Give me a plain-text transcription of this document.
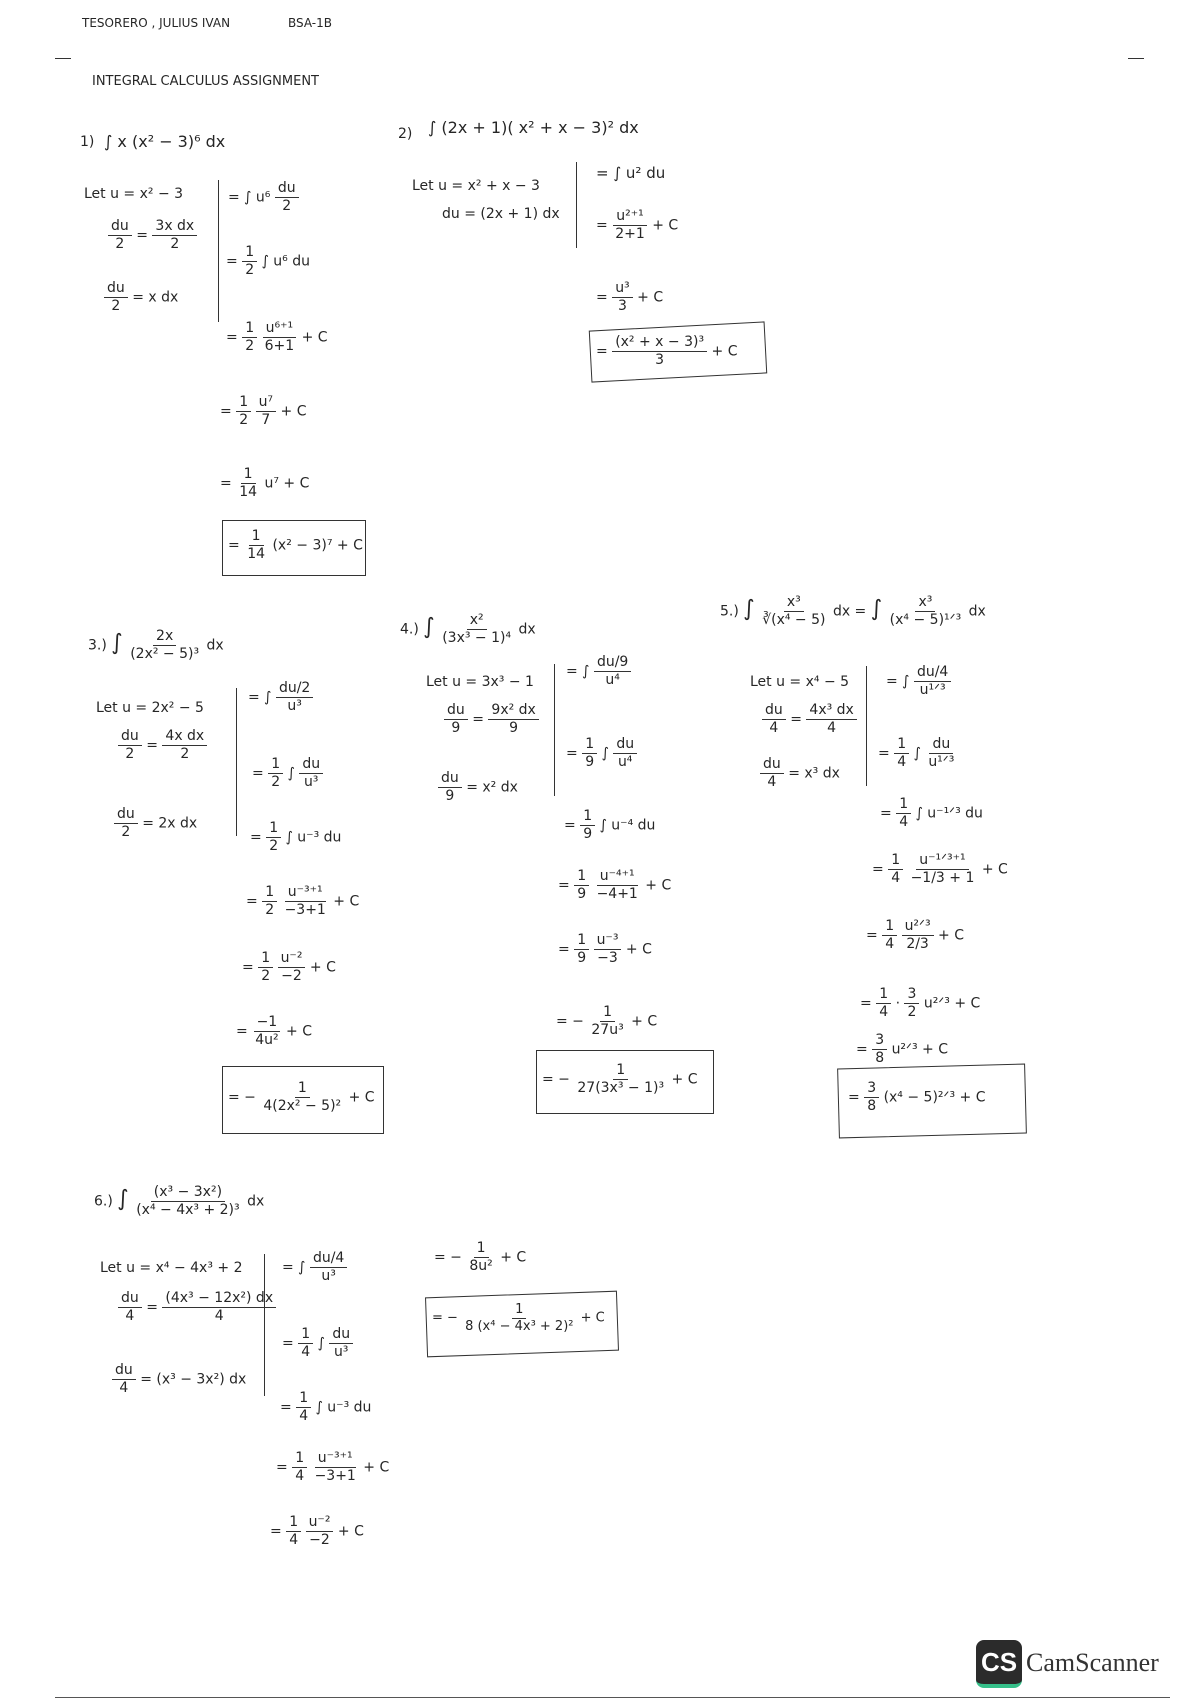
TESORERO , JULIUS IVAN	BSA-1B
INTEGRAL CALCULUS ASSIGNMENT
1) ∫ x (x² − 3)⁶ dx
Let u = x² − 3
$\frac{du}{2} = \frac{\text{3x dx}}{2}$
$\frac{du}{2} = x$ dx
= ∫ $u^6 \frac{du}{2}$
= $\frac{1}{2}$ ∫ u⁶ du
= $\frac{1}{2}$
$\frac{\text{u⁶⁺¹}}{6+1} + C$
= $\frac{1}{2}$
$\frac{\text{u⁷}}{7} + C$
= $\frac{1}{14} u^7 + C$
= $\frac{1}{14} (x^2 - 3)^7 + C$
2) ∫ (2x + 1)( x² + x − 3)² dx
Let u = x² + x − 3
du = (2x + 1) dx
= ∫ u² du
= $\frac{\text{u²⁺¹}}{2+1} + C$
= $\frac{\text{u³}}{3} + C$
= $\frac{\text{(x² + x − 3)³}}{3} + C$
3.) ∫ $\frac{2x}{\text{(2x² − 5)³}}$ dx
Let u = 2x² − 5
$\frac{du}{2} = \frac{\text{4x dx}}{2}$
$\frac{du}{2} = 2x$ dx
= ∫ $\frac{du/2}{\text{u³}}$
= $\frac{1}{2}$ ∫ $\frac{du}{\text{u³}}$
= $\frac{1}{2}$ ∫ u⁻³ du
= $\frac{1}{2}$
$\frac{\text{u⁻³⁺¹}}{-3+1} + C$
= $\frac{1}{2}$
$\frac{\text{u⁻²}}{-2} + C$
= $\frac{-1}{\text{4u²}} + C$
= − $\frac{1}{\text{4(2x² − 5)²}} + C$
4.) ∫ $\frac{\text{x²}}{\text{(3x³ − 1)⁴}}$ dx
Let u = 3x³ − 1
$\frac{du}{9} = \frac{\text{9x² dx}}{9}$
$\frac{du}{9} = x^2$ dx
= ∫ $\frac{du/9}{\text{u⁴}}$
= $\frac{1}{9}$ ∫ $\frac{du}{\text{u⁴}}$
= $\frac{1}{9}$ ∫ u⁻⁴ du
= $\frac{1}{9}$
$\frac{\text{u⁻⁴⁺¹}}{-4+1} + C$
= $\frac{1}{9}$
$\frac{\text{u⁻³}}{-3} + C$
= − $\frac{1}{\text{27u³}} + C$
= − $\frac{1}{\text{27(3x³ − 1)³}} + C$
5.) ∫ $\frac{\text{x³}}{\text{∛(x⁴ − 5)}}$ dx = ∫ $\frac{\text{x³}}{\text{(x⁴ − 5)¹ᐟ³}}$ dx
Let u = x⁴ − 5
$\frac{du}{4} = \frac{\text{4x³ dx}}{4}$
$\frac{du}{4} = x^3$ dx
= ∫ $\frac{du/4}{\text{u¹ᐟ³}}$
= $\frac{1}{4}$ ∫ $\frac{du}{\text{u¹ᐟ³}}$
= $\frac{1}{4}$ ∫ u⁻¹ᐟ³ du
= $\frac{1}{4}$
$\frac{\text{u⁻¹ᐟ³⁺¹}}{-1/3 + 1} + C$
= $\frac{1}{4}$
$\frac{\text{u²ᐟ³}}{2/3} + C$
= $\frac{1}{4} \cdot \frac{3}{2}$ u²ᐟ³ + C
= $\frac{3}{8}$ u²ᐟ³ + C
= $\frac{3}{8} (x^4$ − 5)²ᐟ³ + C
6.) ∫ $\frac{\text{(x³ − 3x²)}}{\text{(x⁴ − 4x³ + 2)³}}$ dx
Let u = x⁴ − 4x³ + 2
$\frac{du}{4} = \frac{\text{(4x³ − 12x²) dx}}{4}$
$\frac{du}{4} = (x^3 - 3x^2)$ dx
= ∫ $\frac{du/4}{\text{u³}}$
= $\frac{1}{4}$ ∫ $\frac{du}{\text{u³}}$
= $\frac{1}{4}$ ∫ u⁻³ du
= $\frac{1}{4}$
$\frac{\text{u⁻³⁺¹}}{-3+1} + C$
= $\frac{1}{4}$
$\frac{\text{u⁻²}}{-2} + C$
= − $\frac{1}{\text{8u²}} + C$
= − $\frac{1}{\text{8 (x⁴ − 4x³ + 2)²}} + C$
CS CamScanner
